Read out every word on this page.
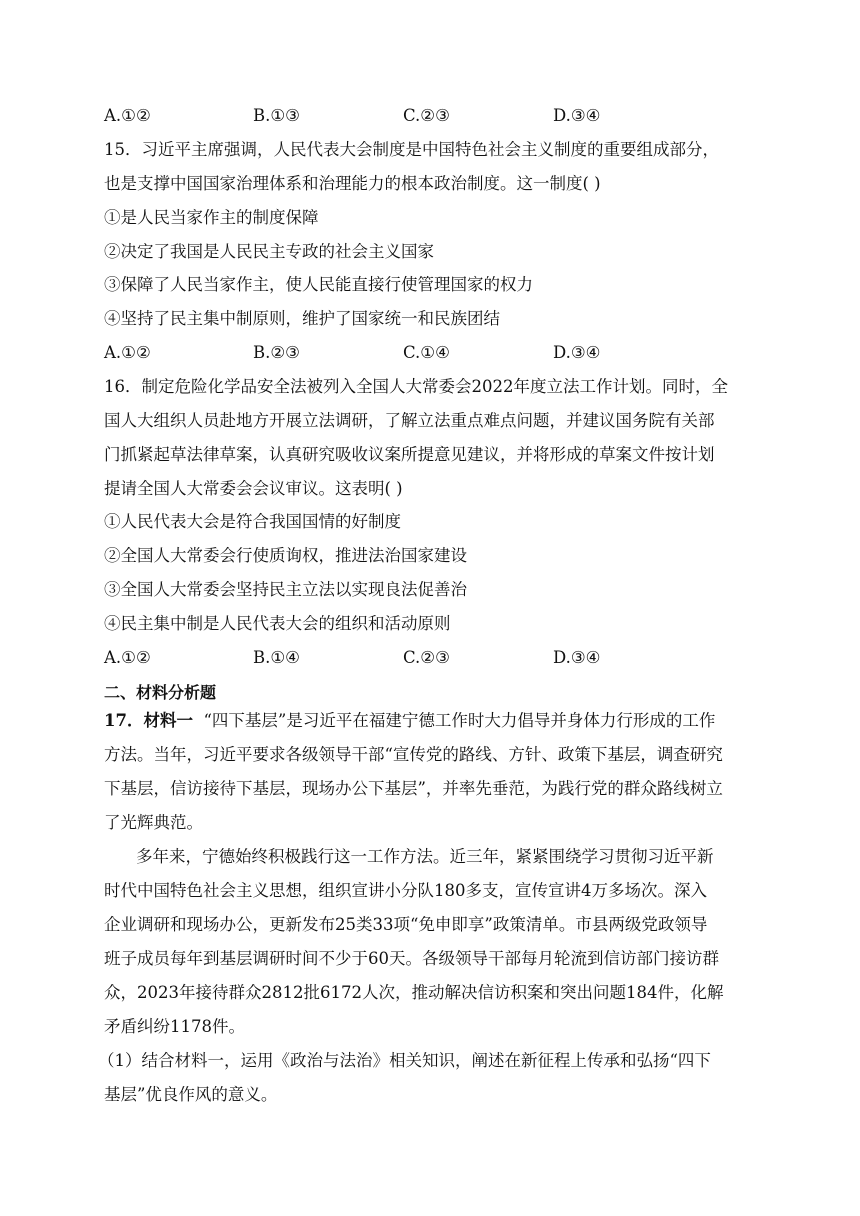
A.①②	B.①③	C.②③	D.③④
15．习近平主席强调，人民代表大会制度是中国特色社会主义制度的重要组成部分，
也是支撑中国国家治理体系和治理能力的根本政治制度。这一制度( )
①是人民当家作主的制度保障
②决定了我国是人民民主专政的社会主义国家
③保障了人民当家作主，使人民能直接行使管理国家的权力
④坚持了民主集中制原则，维护了国家统一和民族团结
A.①②	B.②③	C.①④	D.③④
16．制定危险化学品安全法被列入全国人大常委会2022年度立法工作计划。同时，全
国人大组织人员赴地方开展立法调研，了解立法重点难点问题，并建议国务院有关部
门抓紧起草法律草案，认真研究吸收议案所提意见建议，并将形成的草案文件按计划
提请全国人大常委会会议审议。这表明( )
①人民代表大会是符合我国国情的好制度
②全国人大常委会行使质询权，推进法治国家建设
③全国人大常委会坚持民主立法以实现良法促善治
④民主集中制是人民代表大会的组织和活动原则
A.①②	B.①④	C.②③	D.③④
二、材料分析题
17．材料一 “四下基层”是习近平在福建宁德工作时大力倡导并身体力行形成的工作
方法。当年，习近平要求各级领导干部“宣传党的路线、方针、政策下基层，调查研究
下基层，信访接待下基层，现场办公下基层”，并率先垂范，为践行党的群众路线树立
了光辉典范。
多年来，宁德始终积极践行这一工作方法。近三年，紧紧围绕学习贯彻习近平新
时代中国特色社会主义思想，组织宣讲小分队180多支，宣传宣讲4万多场次。深入
企业调研和现场办公，更新发布25类33项“免申即享”政策清单。市县两级党政领导
班子成员每年到基层调研时间不少于60天。各级领导干部每月轮流到信访部门接访群
众，2023年接待群众2812批6172人次，推动解决信访积案和突出问题184件，化解
矛盾纠纷1178件。
（1）结合材料一，运用《政治与法治》相关知识，阐述在新征程上传承和弘扬“四下
基层”优良作风的意义。
